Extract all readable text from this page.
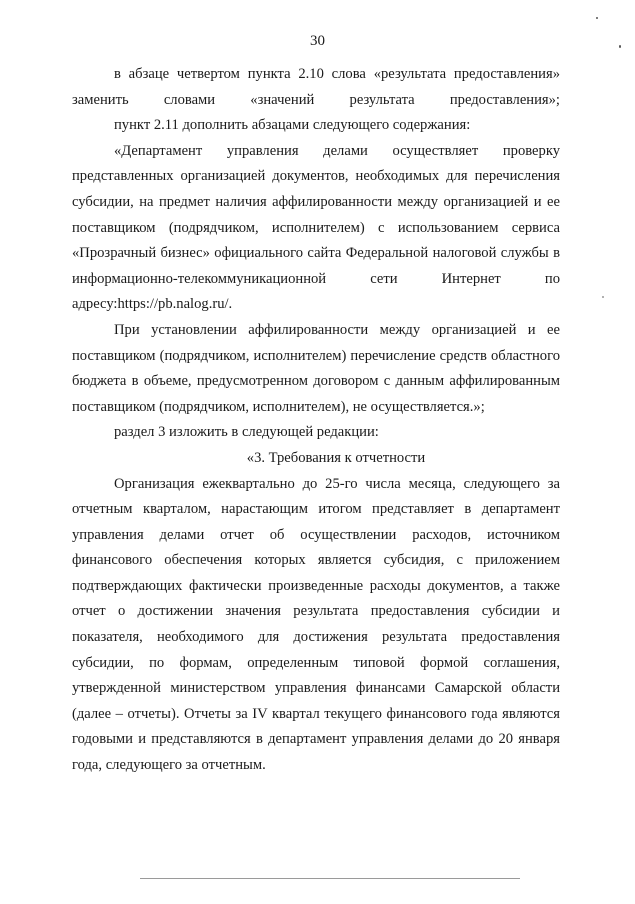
30

в абзаце четвертом пункта 2.10 слова «результата предоставления» заменить словами «значений результата предоставления»;

пункт 2.11 дополнить абзацами следующего содержания:

«Департамент управления делами осуществляет проверку представленных организацией документов, необходимых для перечисления субсидии, на предмет наличия аффилированности между организацией и ее поставщиком (подрядчиком, исполнителем) с использованием сервиса «Прозрачный бизнес» официального сайта Федеральной налоговой службы в информационно-телекоммуникационной сети Интернет по адресу:https://pb.nalog.ru/.

При установлении аффилированности между организацией и ее поставщиком (подрядчиком, исполнителем) перечисление средств областного бюджета в объеме, предусмотренном договором с данным аффилированным поставщиком (подрядчиком, исполнителем), не осуществляется.»;

раздел 3 изложить в следующей редакции:

«3. Требования к отчетности

Организация ежеквартально до 25-го числа месяца, следующего за отчетным кварталом, нарастающим итогом представляет в департамент управления делами отчет об осуществлении расходов, источником финансового обеспечения которых является субсидия, с приложением подтверждающих фактически произведенные расходы документов, а также отчет о достижении значения результата предоставления субсидии и показателя, необходимого для достижения результата предоставления субсидии, по формам, определенным типовой формой соглашения, утвержденной министерством управления финансами Самарской области (далее – отчеты). Отчеты за IV квартал текущего финансового года являются годовыми и представляются в департамент управления делами до 20 января года, следующего за отчетным.
